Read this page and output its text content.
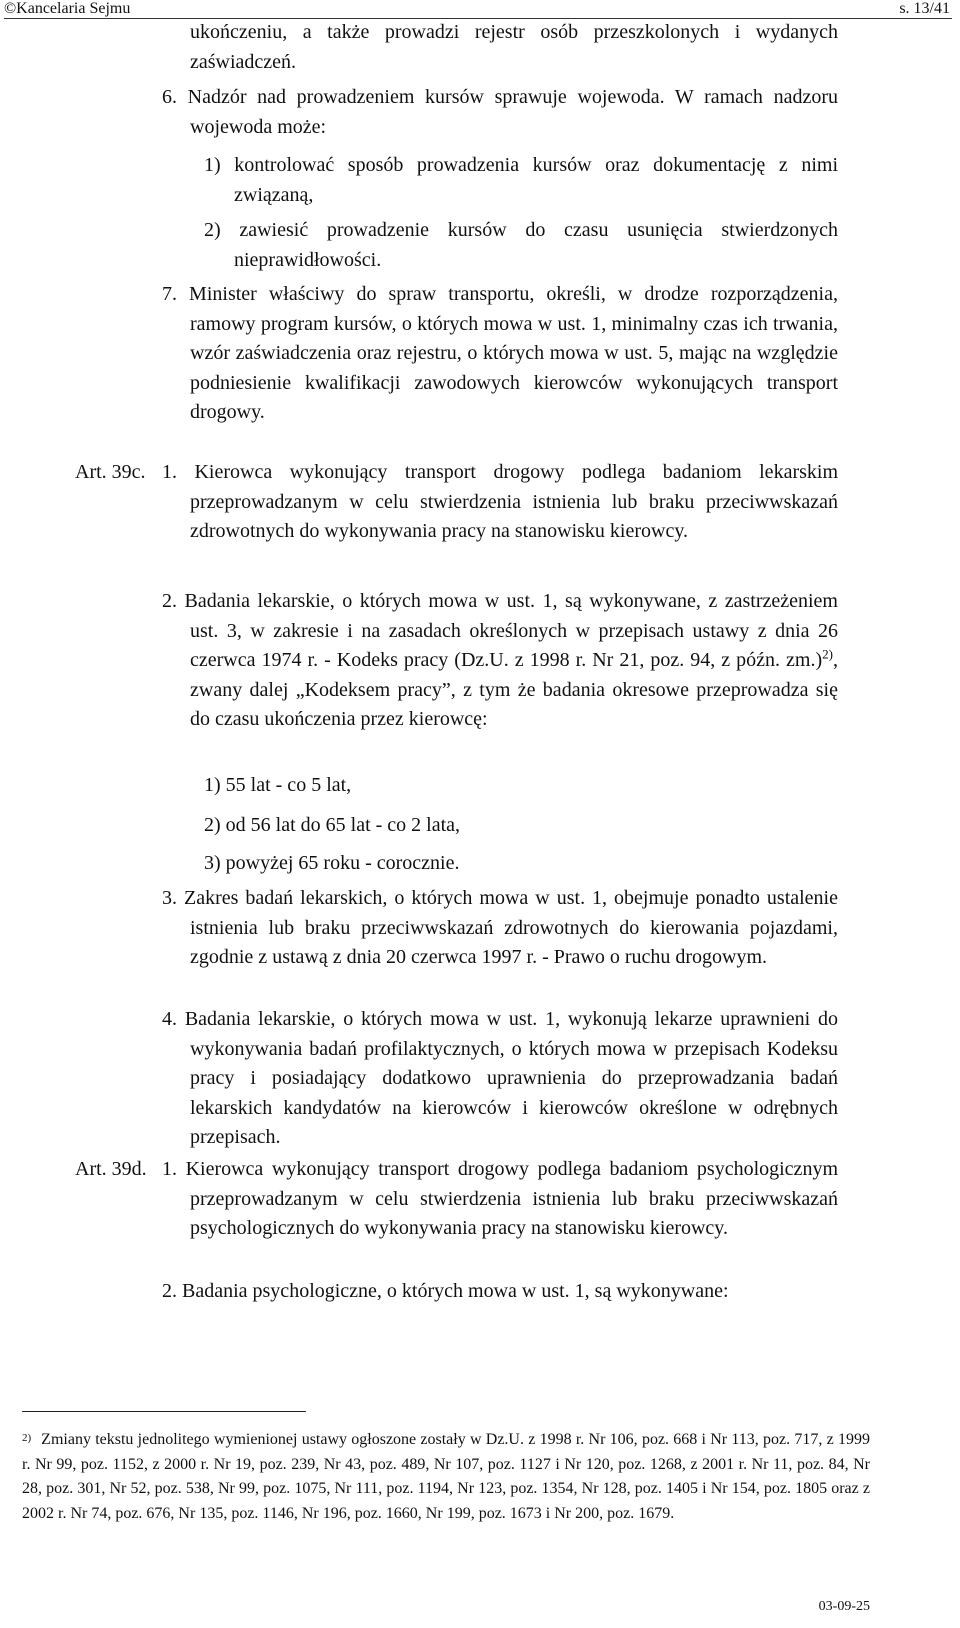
©Kancelaria Sejmu	s. 13/41

ukończeniu, a także prowadzi rejestr osób przeszkolonych i wydanych zaświadczeń.

6. Nadzór nad prowadzeniem kursów sprawuje wojewoda. W ramach nadzoru wojewoda może:

1) kontrolować sposób prowadzenia kursów oraz dokumentację z nimi związaną,

2) zawiesić prowadzenie kursów do czasu usunięcia stwierdzonych nieprawidłowości.

7. Minister właściwy do spraw transportu, określi, w drodze rozporządzenia, ramowy program kursów, o których mowa w ust. 1, minimalny czas ich trwania, wzór zaświadczenia oraz rejestru, o których mowa w ust. 5, mając na względzie podniesienie kwalifikacji zawodowych kierowców wykonujących transport drogowy.

Art. 39c. 1. Kierowca wykonujący transport drogowy podlega badaniom lekarskim przeprowadzanym w celu stwierdzenia istnienia lub braku przeciwwskazań zdrowotnych do wykonywania pracy na stanowisku kierowcy.

2. Badania lekarskie, o których mowa w ust. 1, są wykonywane, z zastrzeżeniem ust. 3, w zakresie i na zasadach określonych w przepisach ustawy z dnia 26 czerwca 1974 r. - Kodeks pracy (Dz.U. z 1998 r. Nr 21, poz. 94, z późn. zm.)$^{2)}$, zwany dalej „Kodeksem pracy”, z tym że badania okresowe przeprowadza się do czasu ukończenia przez kierowcę:

1) 55 lat - co 5 lat,
2) od 56 lat do 65 lat - co 2 lata,
3) powyżej 65 roku - corocznie.

3. Zakres badań lekarskich, o których mowa w ust. 1, obejmuje ponadto ustalenie istnienia lub braku przeciwwskazań zdrowotnych do kierowania pojazdami, zgodnie z ustawą z dnia 20 czerwca 1997 r. - Prawo o ruchu drogowym.

4. Badania lekarskie, o których mowa w ust. 1, wykonują lekarze uprawnieni do wykonywania badań profilaktycznych, o których mowa w przepisach Kodeksu pracy i posiadający dodatkowo uprawnienia do przeprowadzania badań lekarskich kandydatów na kierowców i kierowców określone w odrębnych przepisach.

Art. 39d. 1. Kierowca wykonujący transport drogowy podlega badaniom psychologicznym przeprowadzanym w celu stwierdzenia istnienia lub braku przeciwwskazań psychologicznych do wykonywania pracy na stanowisku kierowcy.

2. Badania psychologiczne, o których mowa w ust. 1, są wykonywane:

$^{2)}$ Zmiany tekstu jednolitego wymienionej ustawy ogłoszone zostały w Dz.U. z 1998 r. Nr 106, poz. 668 i Nr 113, poz. 717, z 1999 r. Nr 99, poz. 1152, z 2000 r. Nr 19, poz. 239, Nr 43, poz. 489, Nr 107, poz. 1127 i Nr 120, poz. 1268, z 2001 r. Nr 11, poz. 84, Nr 28, poz. 301, Nr 52, poz. 538, Nr 99, poz. 1075, Nr 111, poz. 1194, Nr 123, poz. 1354, Nr 128, poz. 1405 i Nr 154, poz. 1805 oraz z 2002 r. Nr 74, poz. 676, Nr 135, poz. 1146, Nr 196, poz. 1660, Nr 199, poz. 1673 i Nr 200, poz. 1679.
03-09-25
